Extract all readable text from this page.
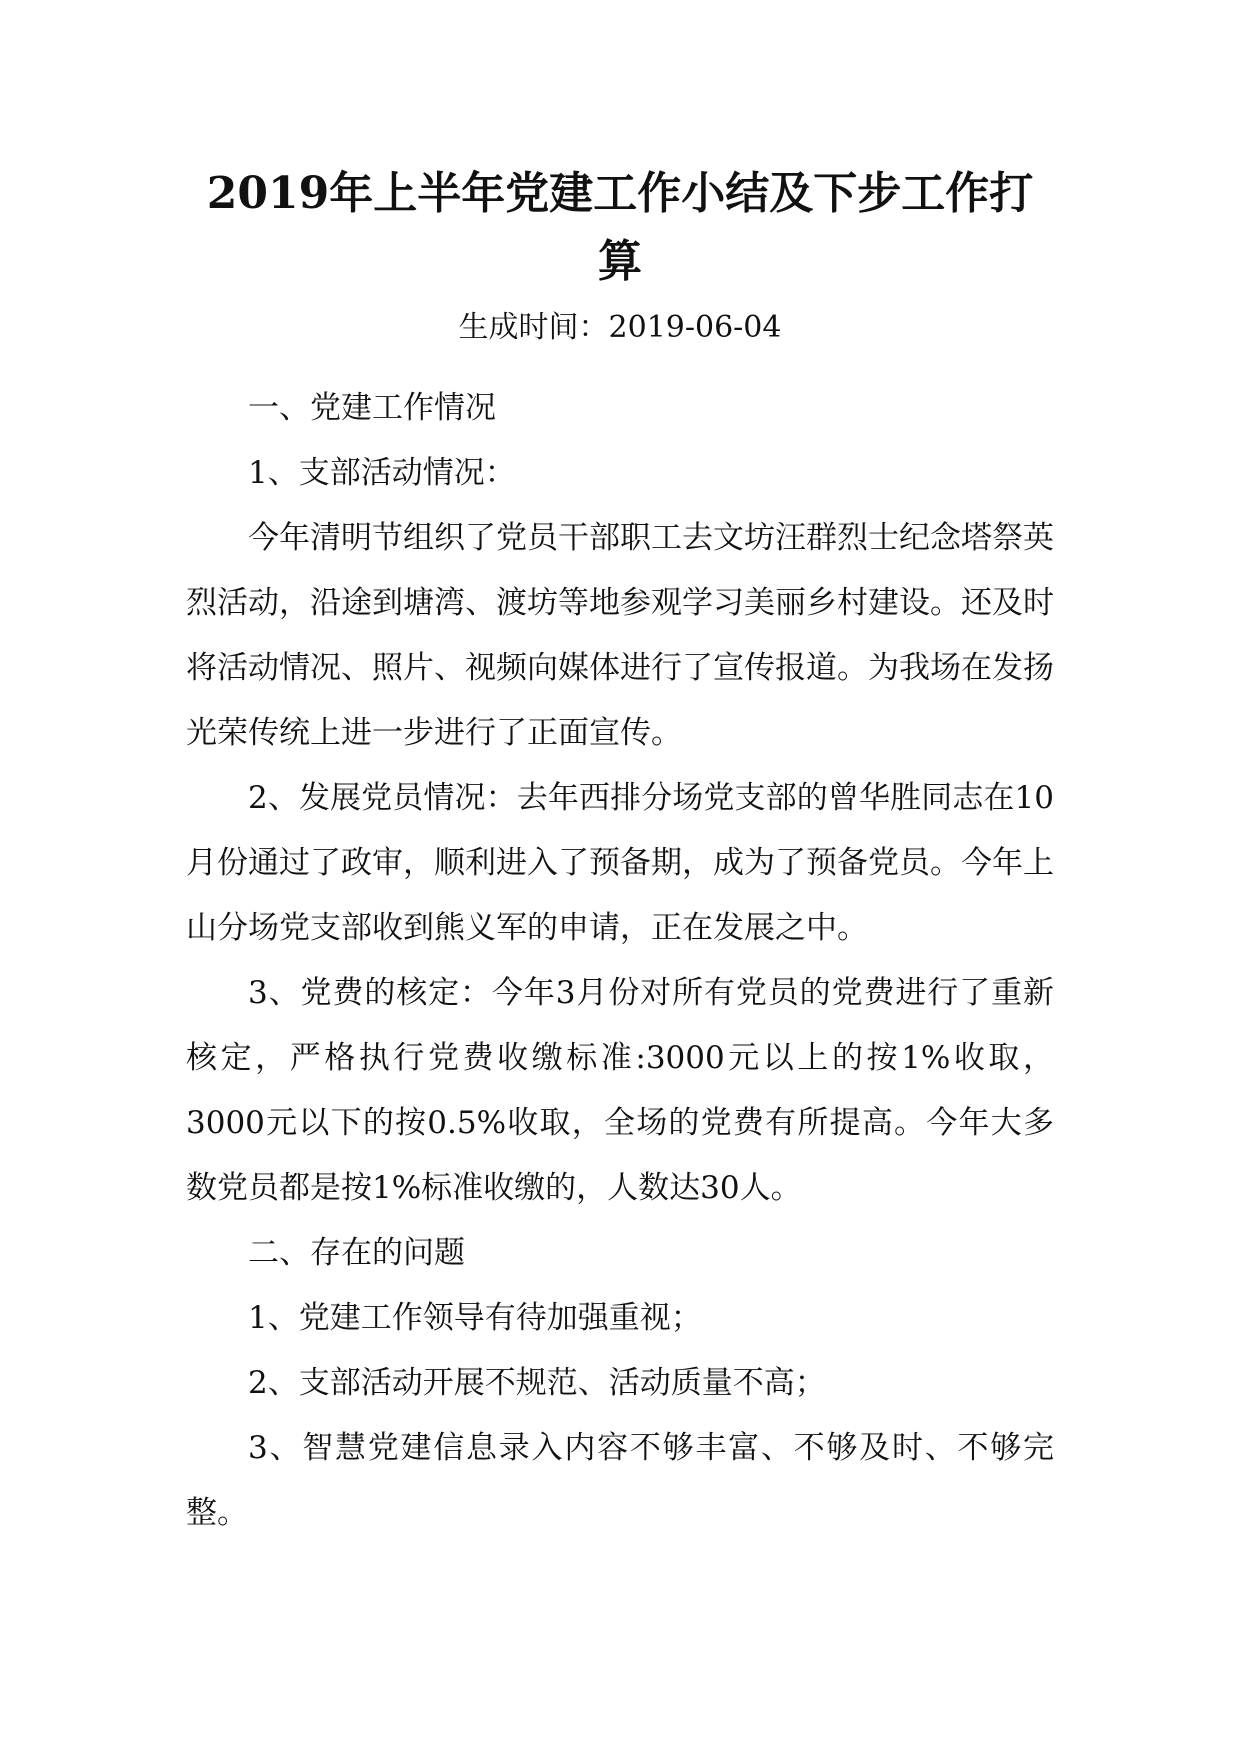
2019年上半年党建工作小结及下步工作打算
生成时间：2019-06-04

一、党建工作情况

1、支部活动情况：

今年清明节组织了党员干部职工去文坊汪群烈士纪念塔祭英烈活动，沿途到塘湾、渡坊等地参观学习美丽乡村建设。还及时将活动情况、照片、视频向媒体进行了宣传报道。为我场在发扬光荣传统上进一步进行了正面宣传。

2、发展党员情况：去年西排分场党支部的曾华胜同志在10月份通过了政审，顺利进入了预备期，成为了预备党员。今年上山分场党支部收到熊义军的申请，正在发展之中。

3、党费的核定：今年3月份对所有党员的党费进行了重新核定，严格执行党费收缴标准:3000元以上的按1%收取，3000元以下的按0.5%收取，全场的党费有所提高。今年大多数党员都是按1%标准收缴的，人数达30人。

二、存在的问题

1、党建工作领导有待加强重视；

2、支部活动开展不规范、活动质量不高；

3、智慧党建信息录入内容不够丰富、不够及时、不够完整。
